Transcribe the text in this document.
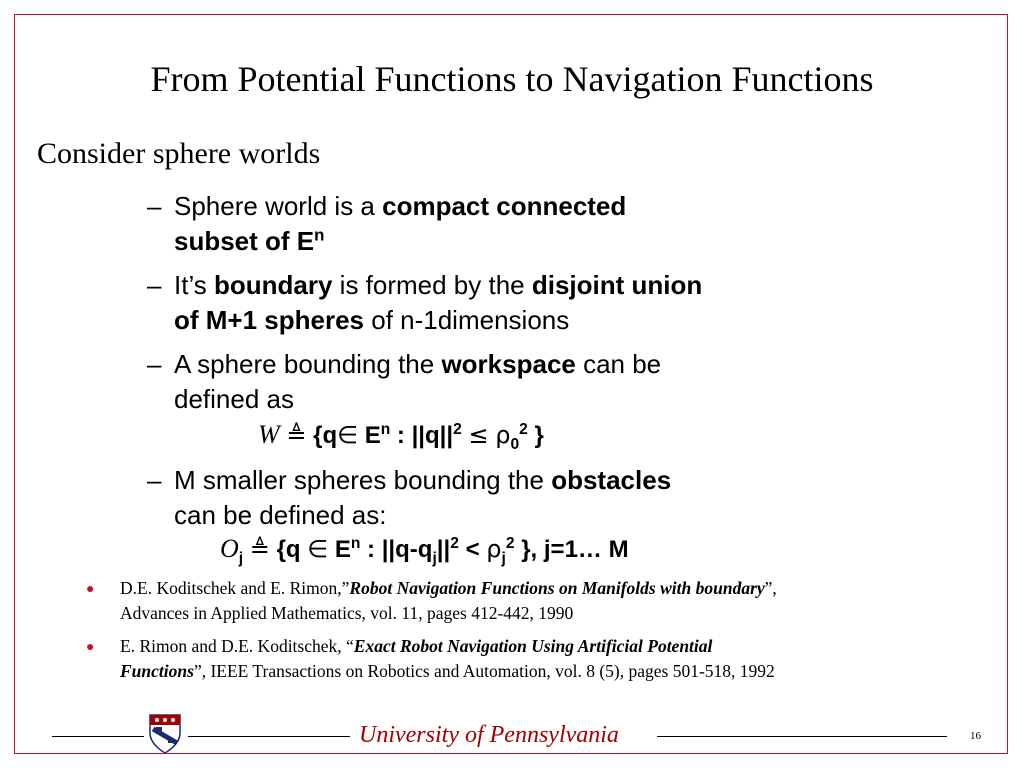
From Potential Functions to Navigation Functions
Consider sphere worlds
– Sphere world is a compact connected
subset of $E^n$
– It’s boundary is formed by the disjoint union
of M+1 spheres of n-1dimensions
– A sphere bounding the workspace can be
defined as
W ≜ {q∈ $E^n$ : $||q||^2 \le \rho_0^2$ }
– M smaller spheres bounding the obstacles
can be defined as:
$O_j$ ≜ {q ∈ $E^n$ : $||q-q_j||^2 < \rho_j^2$ }, j=1… M
● D.E. Koditschek and E. Rimon,”Robot Navigation Functions on Manifolds with boundary”,
Advances in Applied Mathematics, vol. 11, pages 412-442, 1990
● E. Rimon and D.E. Koditschek, “Exact Robot Navigation Using Artificial Potential
Functions”, IEEE Transactions on Robotics and Automation, vol. 8 (5), pages 501-518, 1992
University of Pennsylvania	16
